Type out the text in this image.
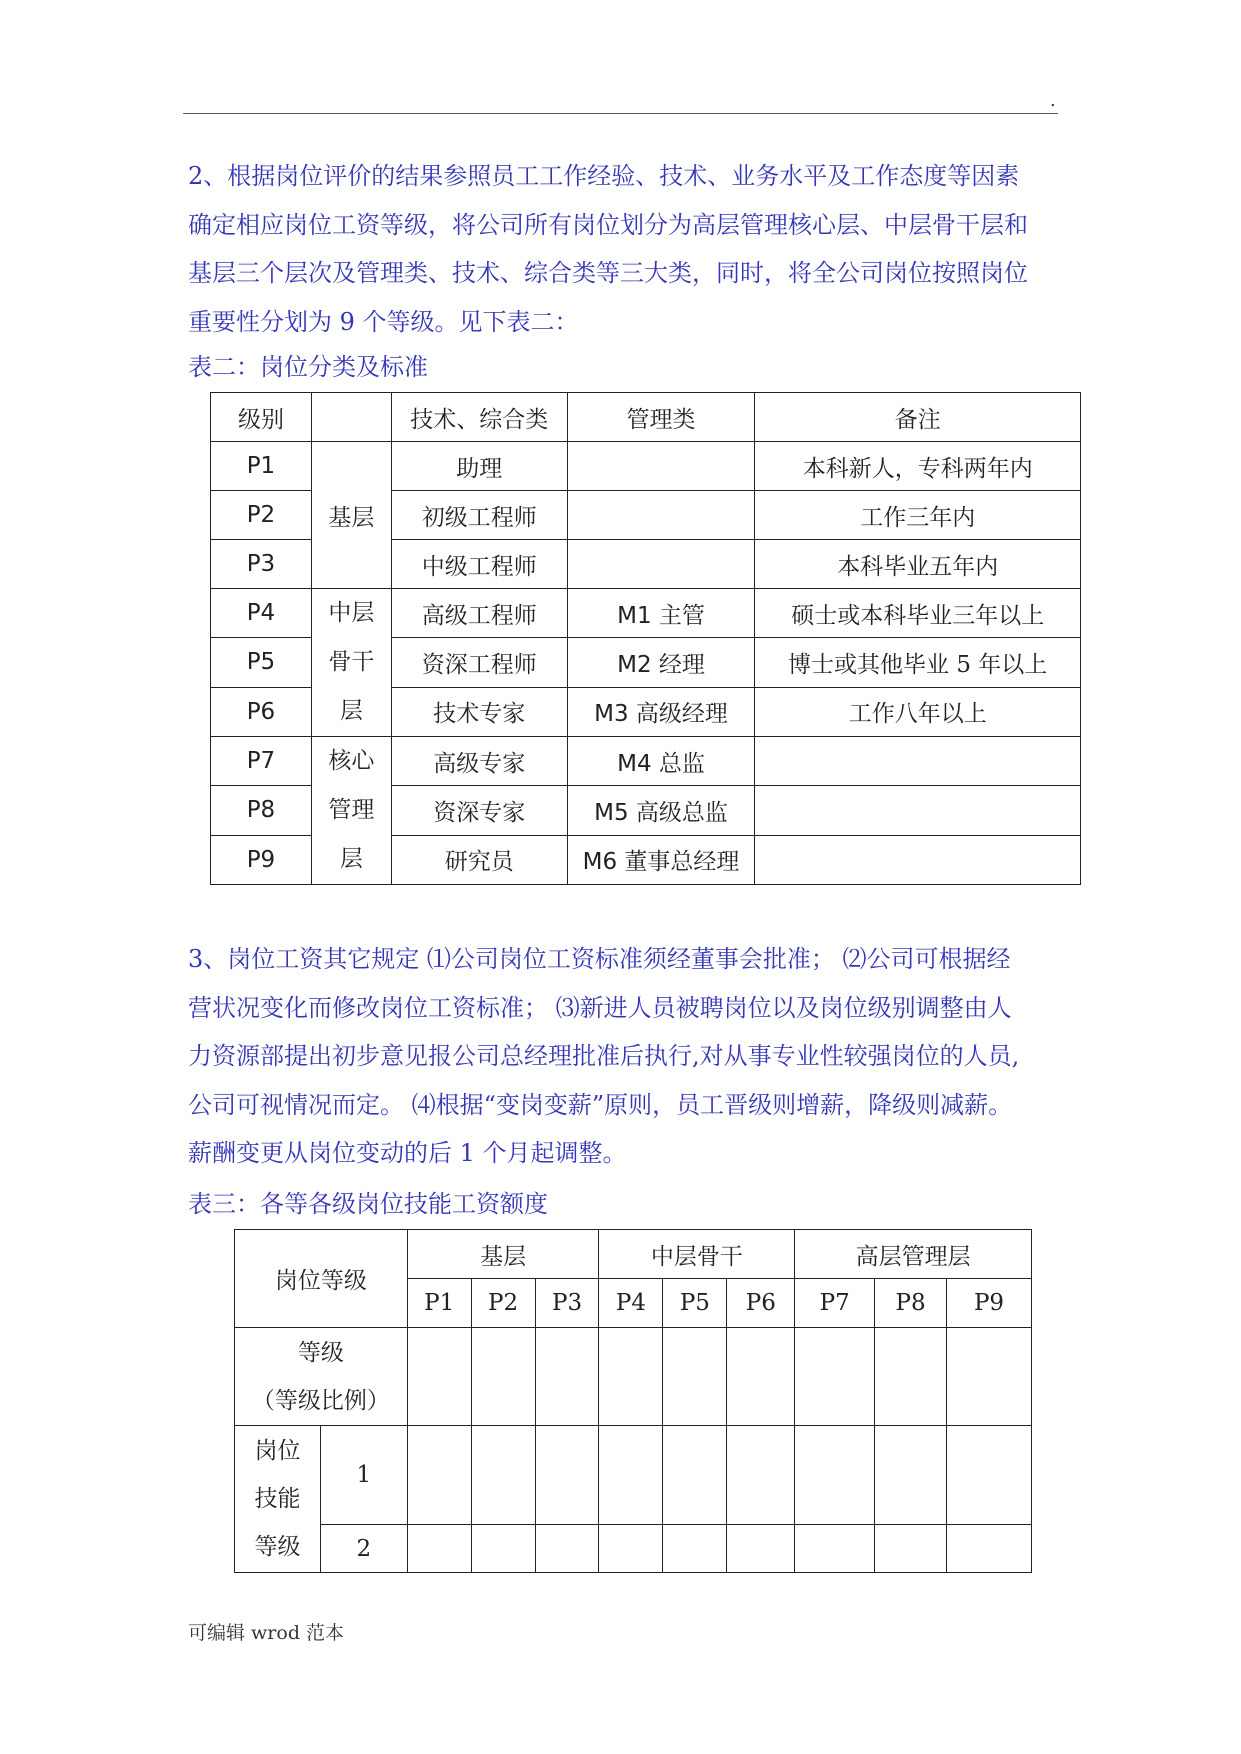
.

2、根据岗位评价的结果参照员工工作经验、技术、业务水平及工作态度等因素

确定相应岗位工资等级，将公司所有岗位划分为高层管理核心层、中层骨干层和

基层三个层次及管理类、技术、综合类等三大类，同时，将全公司岗位按照岗位

重要性分划为 9 个等级。见下表二：

表二：岗位分类及标准
级别		技术、综合类	管理类	备注
P1	基层	助理		本科新人，专科两年内
P2		初级工程师		工作三年内
P3		中级工程师		本科毕业五年内
P4	中层
骨干
层	高级工程师	M1 主管	硕士或本科毕业三年以上
P5		资深工程师	M2 经理	博士或其他毕业 5 年以上
P6		技术专家	M3 高级经理	工作八年以上
P7	核心
管理
层	高级专家	M4 总监	
P8		资深专家	M5 高级总监	
P9		研究员	M6 董事总经理	

3、岗位工资其它规定 ⑴公司岗位工资标准须经董事会批准； ⑵公司可根据经

营状况变化而修改岗位工资标准； ⑶新进人员被聘岗位以及岗位级别调整由人

力资源部提出初步意见报公司总经理批准后执行,对从事专业性较强岗位的人员,

公司可视情况而定。 ⑷根据“变岗变薪”原则，员工晋级则增薪，降级则减薪。

薪酬变更从岗位变动的后 1 个月起调整。

表三：各等各级岗位技能工资额度
岗位等级		基层			中层骨干			高层管理层		
		P1	P2	P3	P4	P5	P6	P7	P8	P9

等级
（等级比例）										

岗位
技能
等级	1									
	2									
可编辑 wrod 范本
